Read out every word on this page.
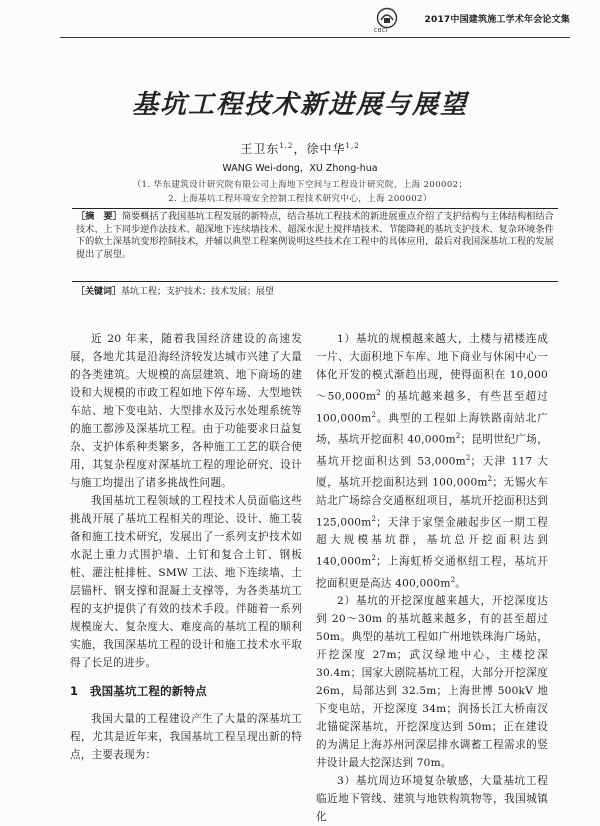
CBCI
2017中国建筑施工学术年会论文集
基坑工程技术新进展与展望
王卫东$^{1,2}$，徐中华$^{1,2}$
WANG Wei-dong，XU Zhong-hua
（1. 华东建筑设计研究院有限公司上海地下空间与工程设计研究院，上海 200002；
2. 上海基坑工程环境安全控制工程技术研究中心，上海 200002）
［摘　要］简要概括了我国基坑工程发展的新特点，结合基坑工程技术的新进展重点介绍了支护结构与主体结构相结合技术、上下同步逆作法技术、超深地下连续墙技术、超深水泥土搅拌墙技术、节能降耗的基坑支护技术、复杂环境条件下的软土深基坑变形控制技术，并辅以典型工程案例说明这些技术在工程中的具体应用，最后对我国深基坑工程的发展提出了展望。
［关键词］基坑工程；支护技术；技术发展；展望

近 20 年来，随着我国经济建设的高速发展，各地尤其是沿海经济较发达城市兴建了大量的各类建筑。大规模的高层建筑、地下商场的建设和大规模的市政工程如地下停车场、大型地铁车站、地下变电站、大型排水及污水处理系统等的施工都涉及深基坑工程。由于功能要求日益复杂、支护体系种类繁多，各种施工工艺的联合使用，其复杂程度对深基坑工程的理论研究、设计与施工均提出了诸多挑战性问题。

我国基坑工程领域的工程技术人员面临这些挑战开展了基坑工程相关的理论、设计、施工装备和施工技术研究，发展出了一系列支护技术如水泥土重力式围护墙、土钉和复合土钉、钢板桩、灌注桩排桩、SMW 工法、地下连续墙、土层锚杆、钢支撑和混凝土支撑等，为各类基坑工程的支护提供了有效的技术手段。伴随着一系列规模庞大、复杂度大、难度高的基坑工程的顺利实施，我国深基坑工程的设计和施工技术水平取得了长足的进步。

1　我国基坑工程的新特点

我国大量的工程建设产生了大量的深基坑工程，尤其是近年来，我国基坑工程呈现出新的特点，主要表现为：

1）基坑的规模越来越大，土楼与裙楼连成一片、大面积地下车库、地下商业与休闲中心一体化开发的模式渐趋出现，使得面积在 $10,000\sim 50,000m^2$ 的基坑越来越多，有些甚至超过 $100,000m^2$。典型的工程如上海铁路南站北广场，基坑开挖面积 $40,000m^2$；昆明世纪广场，基坑开挖面积达到 $53,000m^2$；天津 117 大厦，基坑开挖面积达到 $100,000m^2$；无锡火车站北广场综合交通枢纽项目，基坑开挖面积达到 $125,000m^2$；天津于家堡金融起步区一期工程超大规模基坑群，基坑总开挖面积达到 $140,000m^2$；上海虹桥交通枢纽工程，基坑开挖面积更是高达 $400,000m^2$。

2）基坑的开挖深度越来越大，开挖深度达到 20～30m 的基坑越来越多，有的甚至超过 50m。典型的基坑工程如广州地铁珠海广场站，开挖深度 27m；武汉绿地中心，主楼挖深 30.4m；国家大剧院基坑工程，大部分开挖深度 26m，局部达到 32.5m；上海世博 500kV 地下变电站，开挖深度 34m；润扬长江大桥南汊北锚碇深基坑，开挖深度达到 50m；正在建设的为满足上海苏州河深层排水调蓄工程需求的竖井设计最大挖深达到 70m。

3）基坑周边环境复杂敏感，大量基坑工程临近地下管线、建筑与地铁构筑物等，我国城镇化
